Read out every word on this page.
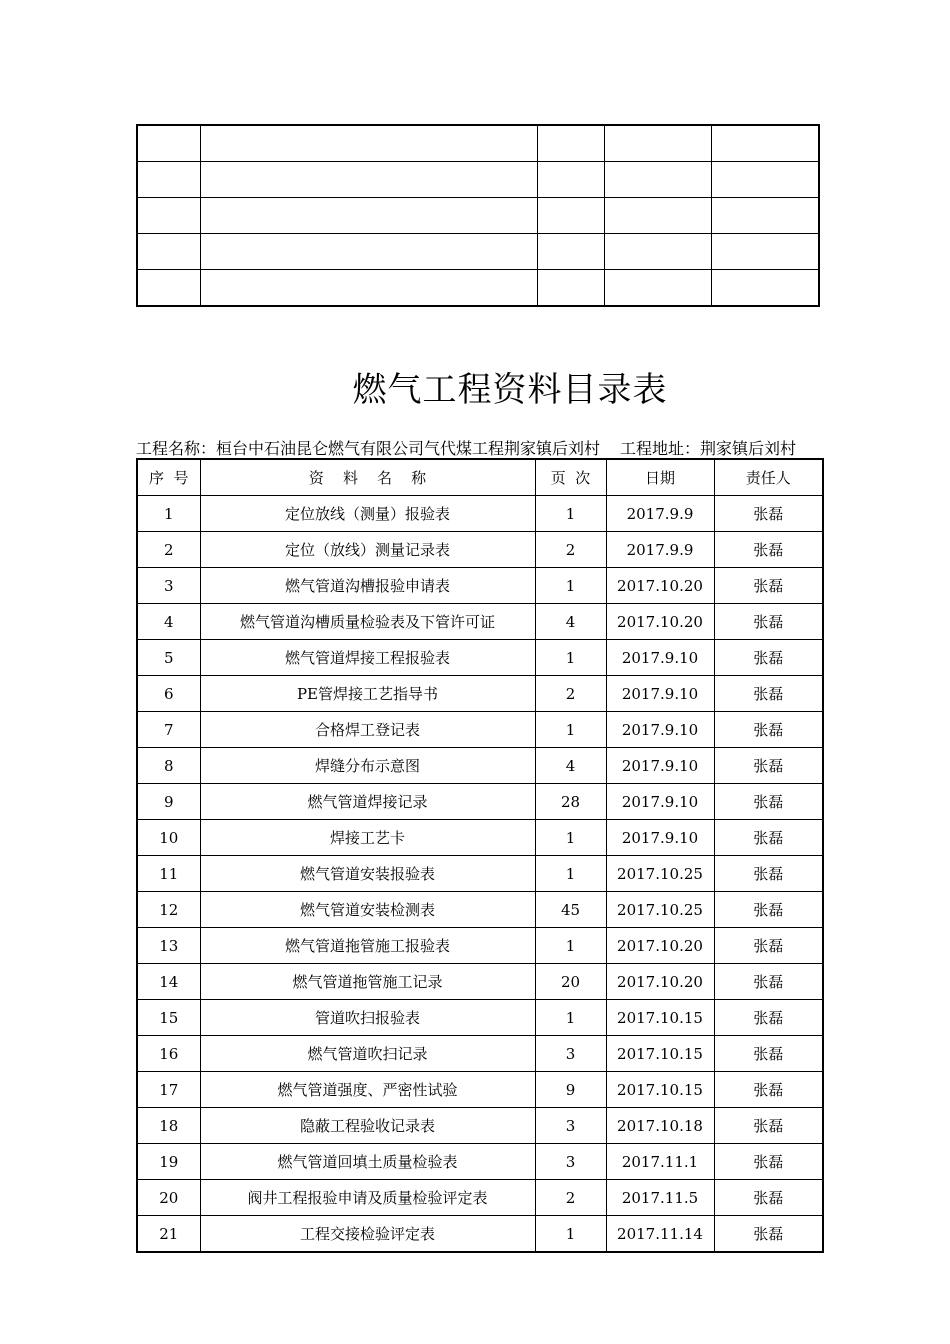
燃气工程资料目录表
工程名称：桓台中石油昆仑燃气有限公司气代煤工程荆家镇后刘村 工程地址：荆家镇后刘村
序  号	资    料    名    称	页  次	日期	责任人
1	定位放线（测量）报验表	1	2017.9.9	张磊
2	定位（放线）测量记录表	2	2017.9.9	张磊
3	燃气管道沟槽报验申请表	1	2017.10.20	张磊
4	燃气管道沟槽质量检验表及下管许可证	4	2017.10.20	张磊
5	燃气管道焊接工程报验表	1	2017.9.10	张磊
6	PE管焊接工艺指导书	2	2017.9.10	张磊
7	合格焊工登记表	1	2017.9.10	张磊
8	焊缝分布示意图	4	2017.9.10	张磊
9	燃气管道焊接记录	28	2017.9.10	张磊
10	焊接工艺卡	1	2017.9.10	张磊
11	燃气管道安装报验表	1	2017.10.25	张磊
12	燃气管道安装检测表	45	2017.10.25	张磊
13	燃气管道拖管施工报验表	1	2017.10.20	张磊
14	燃气管道拖管施工记录	20	2017.10.20	张磊
15	管道吹扫报验表	1	2017.10.15	张磊
16	燃气管道吹扫记录	3	2017.10.15	张磊
17	燃气管道强度、严密性试验	9	2017.10.15	张磊
18	隐蔽工程验收记录表	3	2017.10.18	张磊
19	燃气管道回填土质量检验表	3	2017.11.1	张磊
20	阀井工程报验申请及质量检验评定表	2	2017.11.5	张磊
21	工程交接检验评定表	1	2017.11.14	张磊
